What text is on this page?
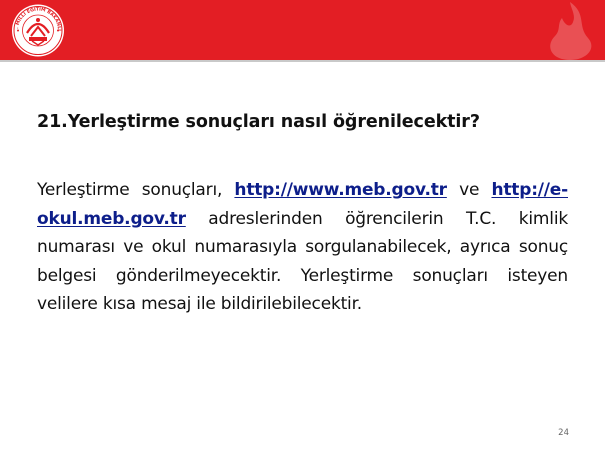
. MİLLİ EĞİTİM BAKANLI
21.Yerleştirme sonuçları nasıl öğrenilecektir?
Yerleştirme sonuçları, http://www.meb.gov.tr ve http://e-okul.meb.gov.tr adreslerinden öğrencilerin T.C. kimlik numarası ve okul numarasıyla sorgulanabilecek, ayrıca sonuç belgesi gönderilmeyecektir. Yerleştirme sonuçları isteyen velilere kısa mesaj ile bildirilebilecektir.
24
